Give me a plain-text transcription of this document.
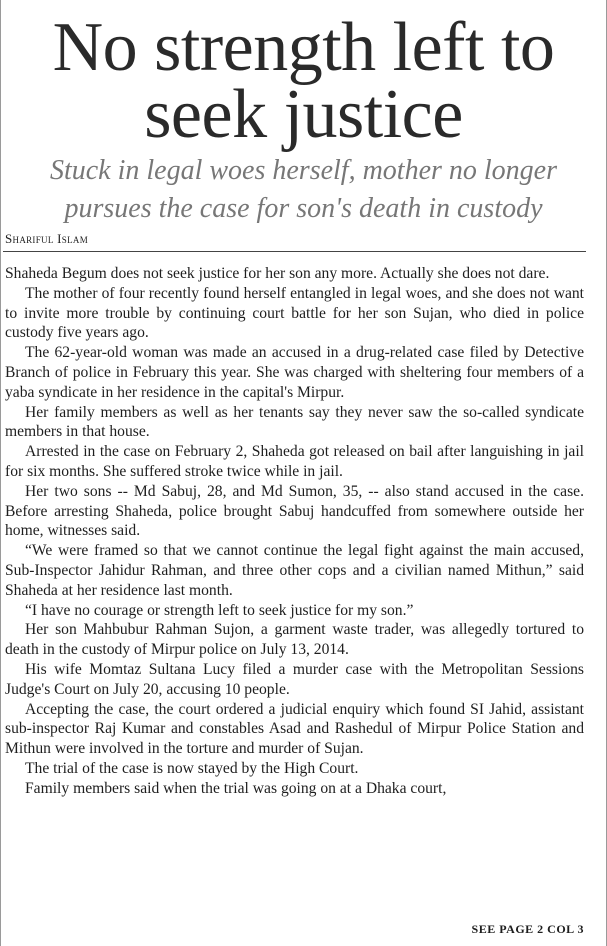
No strength left to seek justice
Stuck in legal woes herself, mother no longer pursues the case for son's death in custody
Shariful Islam

Shaheda Begum does not seek justice for her son any more. Actually she does not dare.

The mother of four recently found herself entangled in legal woes, and she does not want to invite more trouble by continuing court battle for her son Sujan, who died in police custody five years ago.

The 62-year-old woman was made an accused in a drug-related case filed by Detective Branch of police in February this year. She was charged with sheltering four members of a yaba syndicate in her residence in the capital's Mirpur.

Her family members as well as her tenants say they never saw the so-called syndicate members in that house.

Arrested in the case on February 2, Shaheda got released on bail after languishing in jail for six months. She suffered stroke twice while in jail.

Her two sons -- Md Sabuj, 28, and Md Sumon, 35, -- also stand accused in the case. Before arresting Shaheda, police brought Sabuj handcuffed from somewhere outside her home, witnesses said.

“We were framed so that we cannot continue the legal fight against the main accused, Sub-Inspector Jahidur Rahman, and three other cops and a civilian named Mithun,” said Shaheda at her residence last month.

“I have no courage or strength left to seek justice for my son.”

Her son Mahbubur Rahman Sujon, a garment waste trader, was allegedly tortured to death in the custody of Mirpur police on July 13, 2014.

His wife Momtaz Sultana Lucy filed a murder case with the Metropolitan Sessions Judge's Court on July 20, accusing 10 people.

Accepting the case, the court ordered a judicial enquiry which found SI Jahid, assistant sub-inspector Raj Kumar and constables Asad and Rashedul of Mirpur Police Station and Mithun were involved in the torture and murder of Sujan.

The trial of the case is now stayed by the High Court.

Family members said when the trial was going on at a Dhaka court,

SEE PAGE 2 COL 3
